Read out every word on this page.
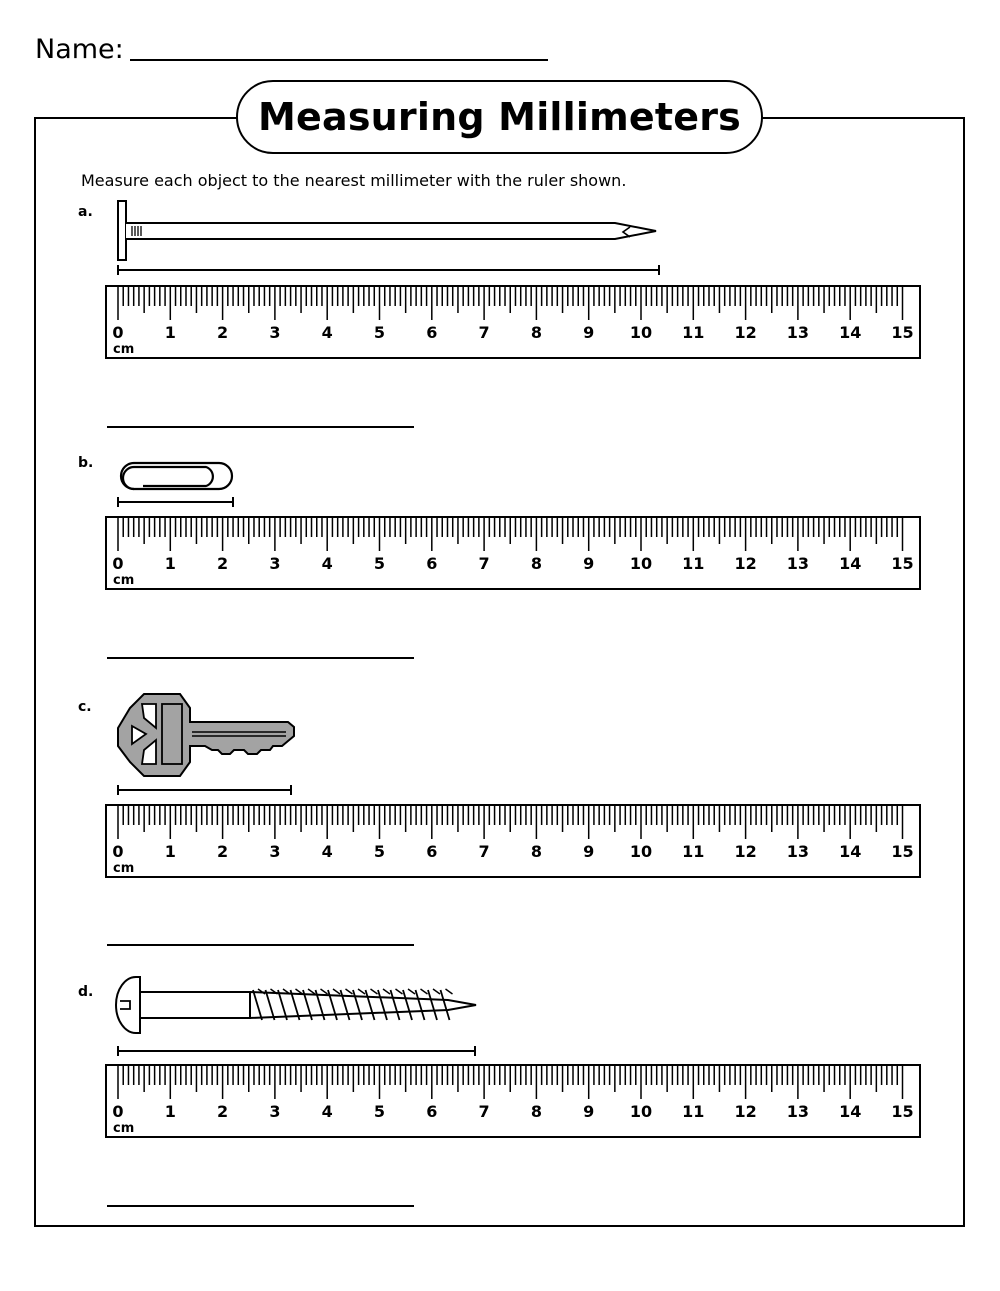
Name:
Measuring Millimeters
Measure each object to the nearest millimeter with the ruler shown.
a.
b.
c.
d.
0	1	2	3	4	5	6	7	8	9 10 11 12 13 14 15
cm
0	1	2	3	4	5	6	7	8	9 10 11 12 13 14 15
cm
0	1	2	3	4	5	6	7	8	9 10 11 12 13 14 15
cm
0	1	2	3	4	5	6	7	8	9 10 11 12 13 14 15
cm
